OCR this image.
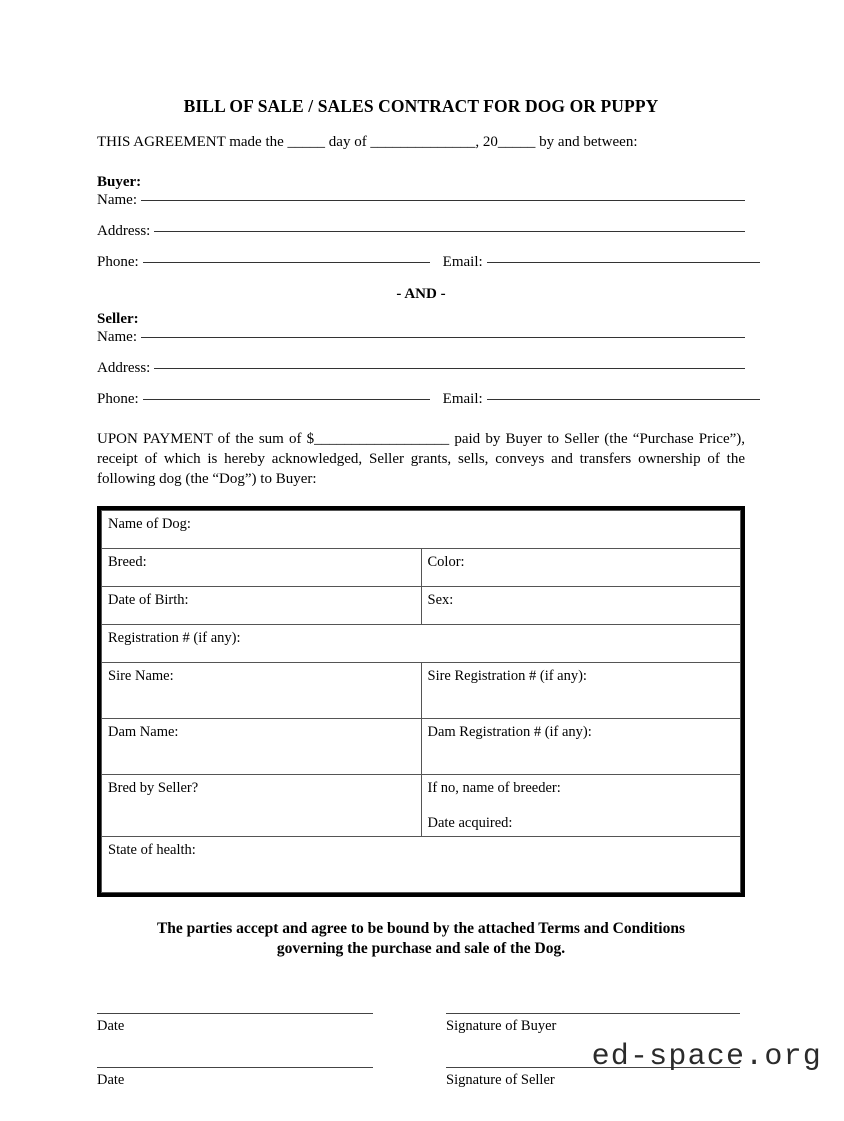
BILL OF SALE / SALES CONTRACT FOR DOG OR PUPPY
THIS AGREEMENT made the _____ day of ______________, 20_____ by and between:
Buyer:
Name:
Address:
Phone:	Email:
- AND -
Seller:
Name:
Address:
Phone:	Email:
UPON PAYMENT of the sum of $__________________ paid by Buyer to Seller (the “Purchase Price”), receipt of which is hereby acknowledged, Seller grants, sells, conveys and transfers ownership of the following dog (the “Dog”) to Buyer:
Name of Dog:	
Breed:	Color:
Date of Birth:	Sex:
Registration # (if any):	
Sire Name:	Sire Registration # (if any):
Dam Name:	Dam Registration # (if any):
Bred by Seller?	If no, name of breeder:
Date acquired:

State of health:	
The parties accept and agree to be bound by the attached Terms and Conditions
governing the purchase and sale of the Dog.
Date	Signature of Buyer
Date	Signature of Seller
ed-space.org
